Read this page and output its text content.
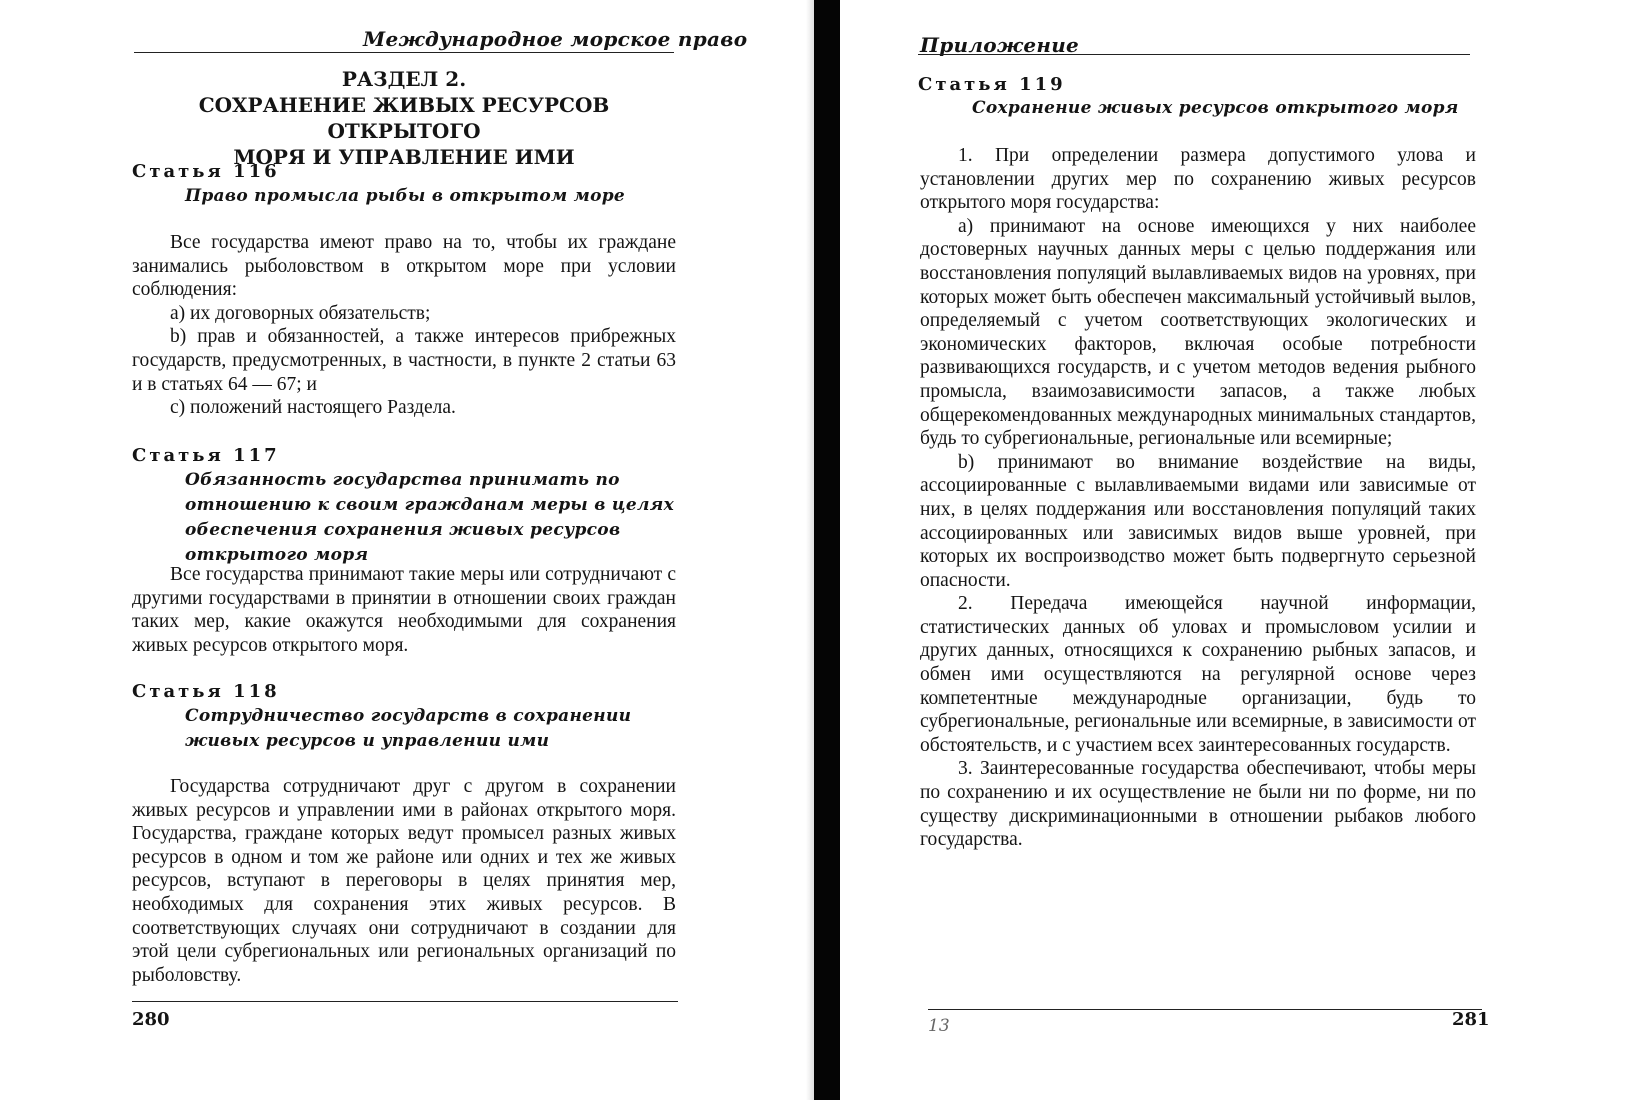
Международное морское право
РАЗДЕЛ 2.
СОХРАНЕНИЕ ЖИВЫХ РЕСУРСОВ ОТКРЫТОГО
МОРЯ И УПРАВЛЕНИЕ ИМИ
Статья 116
Право промысла рыбы в открытом море

Все государства имеют право на то, чтобы их граждане занимались рыболовством в открытом море при условии соблюдения:

a) их договорных обязательств;

b) прав и обязанностей, а также интересов прибрежных государств, предусмотренных, в частности, в пункте 2 статьи 63 и в статьях 64 — 67; и

c) положений настоящего Раздела.

Статья 117
Обязанность государства принимать по отношению к своим гражданам меры в целях обеспечения сохранения живых ресурсов открытого моря

Все государства принимают такие меры или сотрудничают с другими государствами в принятии в отношении своих граждан таких мер, какие окажутся необходимыми для сохранения живых ресурсов открытого моря.

Статья 118
Сотрудничество государств в сохранении живых ресурсов и управлении ими

Государства сотрудничают друг с другом в сохранении живых ресурсов и управлении ими в районах открытого моря. Государства, граждане которых ведут промысел разных живых ресурсов в одном и том же районе или одних и тех же живых ресурсов, вступают в переговоры в целях принятия мер, необходимых для сохранения этих живых ресурсов. В соответствующих случаях они сотрудничают в создании для этой цели субрегиональных или региональных организаций по рыболовству.

280
Приложение
Статья 119
Сохранение живых ресурсов открытого моря

1. При определении размера допустимого улова и установлении других мер по сохранению живых ресурсов открытого моря государства:

a) принимают на основе имеющихся у них наиболее достоверных научных данных меры с целью поддержания или восстановления популяций вылавливаемых видов на уровнях, при которых может быть обеспечен максимальный устойчивый вылов, определяемый с учетом соответствующих экологических и экономических факторов, включая особые потребности развивающихся государств, и с учетом методов ведения рыбного промысла, взаимозависимости запасов, а также любых общерекомендованных международных минимальных стандартов, будь то субрегиональные, региональные или всемирные;

b) принимают во внимание воздействие на виды, ассоциированные с вылавливаемыми видами или зависимые от них, в целях поддержания или восстановления популяций таких ассоциированных или зависимых видов выше уровней, при которых их воспроизводство может быть подвергнуто серьезной опасности.

2. Передача имеющейся научной информации, статистических данных об уловах и промысловом усилии и других данных, относящихся к сохранению рыбных запасов, и обмен ими осуществляются на регулярной основе через компетентные международные организации, будь то субрегиональные, региональные или всемирные, в зависимости от обстоятельств, и с участием всех заинтересованных государств.

3. Заинтересованные государства обеспечивают, чтобы меры по сохранению и их осуществление не были ни по форме, ни по существу дискриминационными в отношении рыбаков любого государства.

13	281
